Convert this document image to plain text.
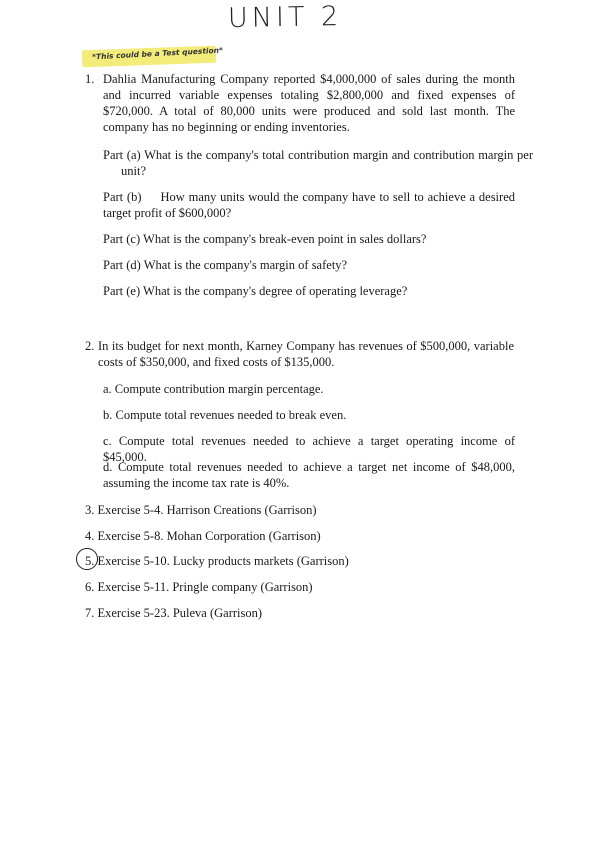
UNIT 2
*This could be a Test question*
1. Dahlia Manufacturing Company reported $4,000,000 of sales during the month and incurred variable expenses totaling $2,800,000 and fixed expenses of $720,000. A total of 80,000 units were produced and sold last month. The company has no beginning or ending inventories.
Part (a) What is the company's total contribution margin and contribution margin per unit?
Part (b)     How many units would the company have to sell to achieve a desired target profit of $600,000?
Part (c) What is the company's break-even point in sales dollars?
Part (d) What is the company's margin of safety?
Part (e) What is the company's degree of operating leverage?
2. In its budget for next month, Karney Company has revenues of $500,000, variable costs of $350,000, and fixed costs of $135,000.
a. Compute contribution margin percentage.
b. Compute total revenues needed to break even.
c. Compute total revenues needed to achieve a target operating income of $45,000.
d. Compute total revenues needed to achieve a target net income of $48,000, assuming the income tax rate is 40%.
3. Exercise 5-4. Harrison Creations (Garrison)
4. Exercise 5-8. Mohan Corporation (Garrison)
5. Exercise 5-10. Lucky products markets (Garrison)
6. Exercise 5-11. Pringle company (Garrison)
7. Exercise 5-23. Puleva (Garrison)
